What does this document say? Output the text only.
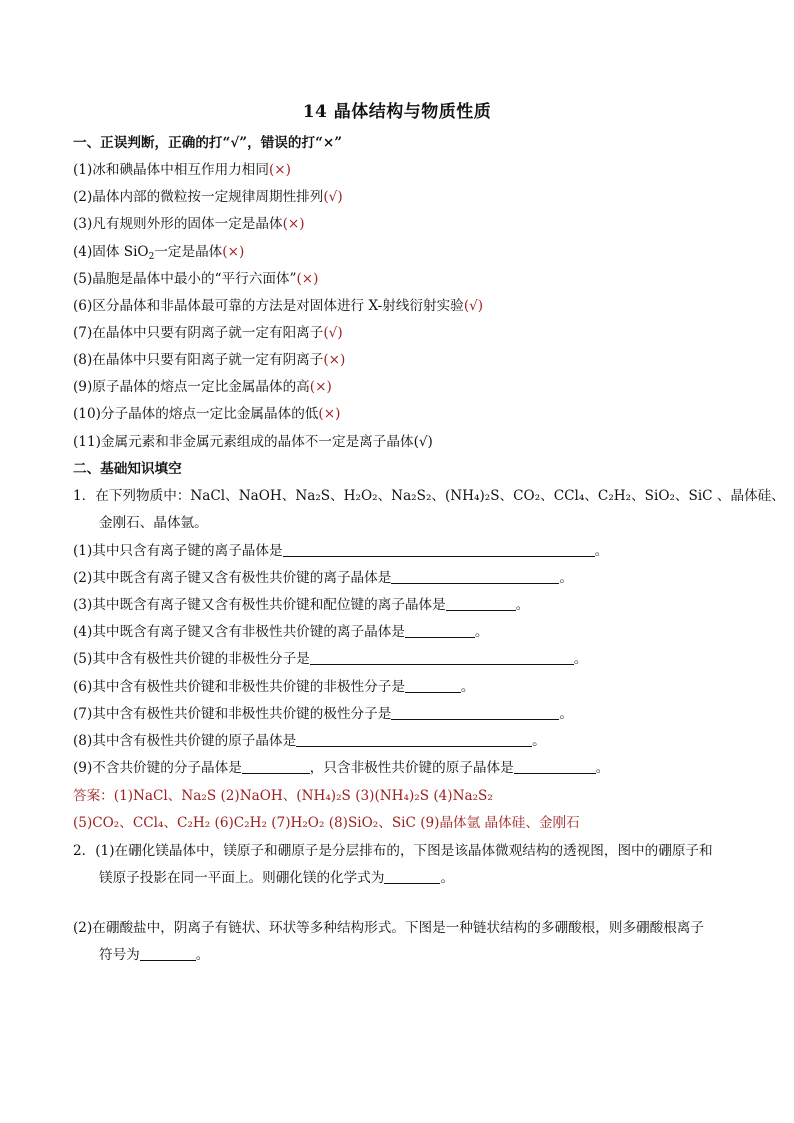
14 晶体结构与物质性质
一、正误判断，正确的打“√”，错误的打“×”
(1)冰和碘晶体中相互作用力相同(×)
(2)晶体内部的微粒按一定规律周期性排列(√)
(3)凡有规则外形的固体一定是晶体(×)
(4)固体 SiO$_2$一定是晶体(×)
(5)晶胞是晶体中最小的“平行六面体”(×)
(6)区分晶体和非晶体最可靠的方法是对固体进行 X-射线衍射实验(√)
(7)在晶体中只要有阴离子就一定有阳离子(√)
(8)在晶体中只要有阳离子就一定有阴离子(×)
(9)原子晶体的熔点一定比金属晶体的高(×)
(10)分子晶体的熔点一定比金属晶体的低(×)
(11)金属元素和非金属元素组成的晶体不一定是离子晶体(√)
二、基础知识填空
1．在下列物质中：NaCl、NaOH、Na₂S、H₂O₂、Na₂S₂、(NH₄)₂S、CO₂、CCl₄、C₂H₂、SiO₂、SiC 、晶体硅、
金刚石、晶体氩。
(1)其中只含有离子键的离子晶体是	。
(2)其中既含有离子键又含有极性共价键的离子晶体是	。
(3)其中既含有离子键又含有极性共价键和配位键的离子晶体是	。
(4)其中既含有离子键又含有非极性共价键的离子晶体是	。
(5)其中含有极性共价键的非极性分子是	。
(6)其中含有极性共价键和非极性共价键的非极性分子是	。
(7)其中含有极性共价键和非极性共价键的极性分子是	。
(8)其中含有极性共价键的原子晶体是	。
(9)不含共价键的分子晶体是	，只含非极性共价键的原子晶体是	。
答案：(1)NaCl、Na₂S (2)NaOH、(NH₄)₂S (3)(NH₄)₂S (4)Na₂S₂
(5)CO₂、CCl₄、C₂H₂ (6)C₂H₂ (7)H₂O₂ (8)SiO₂、SiC (9)晶体氩 晶体硅、金刚石
2．(1)在硼化镁晶体中，镁原子和硼原子是分层排布的，下图是该晶体微观结构的透视图，图中的硼原子和
镁原子投影在同一平面上。则硼化镁的化学式为	。
(2)在硼酸盐中，阴离子有链状、环状等多种结构形式。下图是一种链状结构的多硼酸根，则多硼酸根离子
符号为	。
